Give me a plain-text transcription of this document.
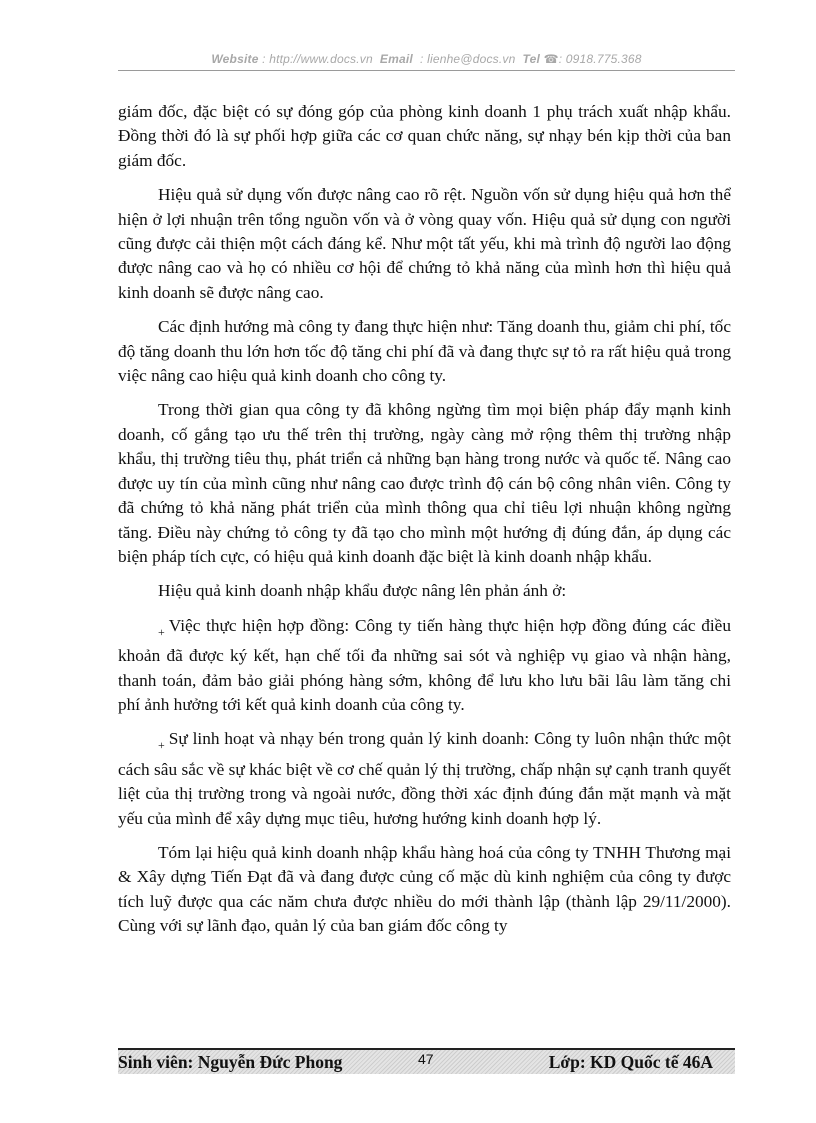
Website : http://www.docs.vn Email : lienhe@docs.vn Tel ☎: 0918.775.368

giám đốc, đặc biệt có sự đóng góp của phòng kinh doanh 1 phụ trách xuất nhập khẩu. Đồng thời đó là sự phối hợp giữa các cơ quan chức năng, sự nhạy bén kịp thời của ban giám đốc.

Hiệu quả sử dụng vốn được nâng cao rõ rệt. Nguồn vốn sử dụng hiệu quả hơn thể hiện ở lợi nhuận trên tổng nguồn vốn và ở vòng quay vốn. Hiệu quả sử dụng con người cũng được cải thiện một cách đáng kể. Như một tất yếu, khi mà trình độ người lao động được nâng cao và họ có nhiều cơ hội để chứng tỏ khả năng của mình hơn thì hiệu quả kinh doanh sẽ được nâng cao.

Các định hướng mà công ty đang thực hiện như: Tăng doanh thu, giảm chi phí, tốc độ tăng doanh thu lớn hơn tốc độ tăng chi phí đã và đang thực sự tỏ ra rất hiệu quả trong việc nâng cao hiệu quả kinh doanh cho công ty.

Trong thời gian qua công ty đã không ngừng tìm mọi biện pháp đẩy mạnh kinh doanh, cố gắng tạo ưu thế trên thị trường, ngày càng mở rộng thêm thị trường nhập khẩu, thị trường tiêu thụ, phát triển cả những bạn hàng trong nước và quốc tế. Nâng cao được uy tín của mình cũng như nâng cao được trình độ cán bộ công nhân viên. Công ty đã chứng tỏ khả năng phát triển của mình thông qua chỉ tiêu lợi nhuận không ngừng tăng. Điều này chứng tỏ công ty đã tạo cho mình một hướng đị đúng đắn, áp dụng các biện pháp tích cực, có hiệu quả kinh doanh đặc biệt là kinh doanh nhập khẩu.

Hiệu quả kinh doanh nhập khẩu được nâng lên phản ánh ở:

$_+$ Việc thực hiện hợp đồng: Công ty tiến hàng thực hiện hợp đồng đúng các điều khoản đã được ký kết, hạn chế tối đa những sai sót và nghiệp vụ giao và nhận hàng, thanh toán, đảm bảo giải phóng hàng sớm, không để lưu kho lưu bãi lâu làm tăng chi phí ảnh hưởng tới kết quả kinh doanh của công ty.

$_+$ Sự linh hoạt và nhạy bén trong quản lý kinh doanh: Công ty luôn nhận thức một cách sâu sắc về sự khác biệt về cơ chế quản lý thị trường, chấp nhận sự cạnh tranh quyết liệt của thị trường trong và ngoài nước, đồng thời xác định đúng đắn mặt mạnh và mặt yếu của mình để xây dựng mục tiêu, hương hướng kinh doanh hợp lý.

Tóm lại hiệu quả kinh doanh nhập khẩu hàng hoá của công ty TNHH Thương mại & Xây dựng Tiến Đạt đã và đang được củng cố mặc dù kinh nghiệm của công ty được tích luỹ được qua các năm chưa được nhiều do mới thành lập (thành lập 29/11/2000). Cùng với sự lãnh đạo, quản lý của ban giám đốc công ty

Sinh viên: Nguyễn Đức Phong	47	Lớp: KD Quốc tế 46A
